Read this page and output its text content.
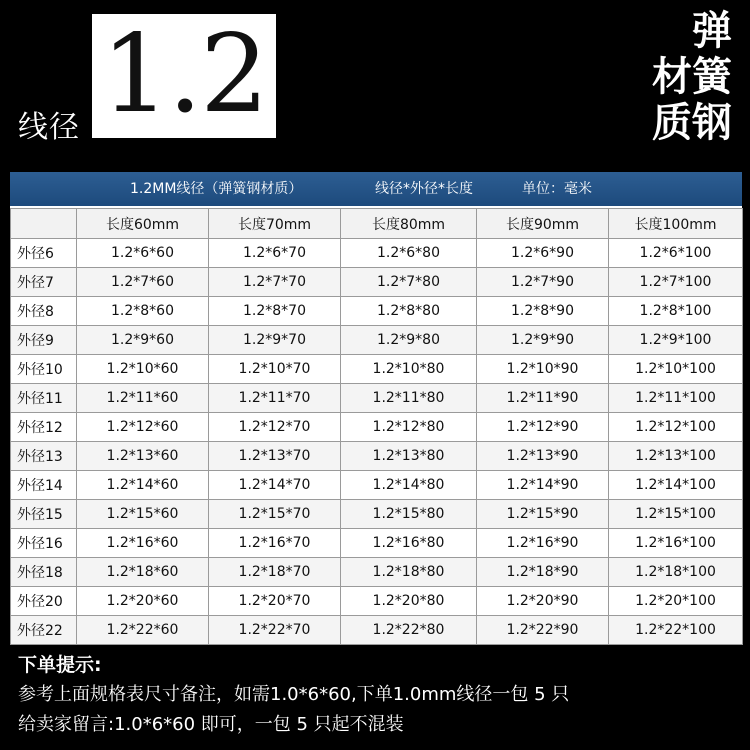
线径 1.2	弹
材簧
质钢
1.2MM线径（弹簧钢材质）	线径*外径*长度	单位：毫米
	长度60mm	长度70mm	长度80mm	长度90mm	长度100mm
外径6	1.2*6*60	1.2*6*70	1.2*6*80	1.2*6*90	1.2*6*100
外径7	1.2*7*60	1.2*7*70	1.2*7*80	1.2*7*90	1.2*7*100
外径8	1.2*8*60	1.2*8*70	1.2*8*80	1.2*8*90	1.2*8*100
外径9	1.2*9*60	1.2*9*70	1.2*9*80	1.2*9*90	1.2*9*100
外径10	1.2*10*60	1.2*10*70	1.2*10*80	1.2*10*90	1.2*10*100
外径11	1.2*11*60	1.2*11*70	1.2*11*80	1.2*11*90	1.2*11*100
外径12	1.2*12*60	1.2*12*70	1.2*12*80	1.2*12*90	1.2*12*100
外径13	1.2*13*60	1.2*13*70	1.2*13*80	1.2*13*90	1.2*13*100
外径14	1.2*14*60	1.2*14*70	1.2*14*80	1.2*14*90	1.2*14*100
外径15	1.2*15*60	1.2*15*70	1.2*15*80	1.2*15*90	1.2*15*100
外径16	1.2*16*60	1.2*16*70	1.2*16*80	1.2*16*90	1.2*16*100
外径18	1.2*18*60	1.2*18*70	1.2*18*80	1.2*18*90	1.2*18*100
外径20	1.2*20*60	1.2*20*70	1.2*20*80	1.2*20*90	1.2*20*100
外径22	1.2*22*60	1.2*22*70	1.2*22*80	1.2*22*90	1.2*22*100
下单提示:
参考上面规格表尺寸备注，如需1.0*6*60,下单1.0mm线径一包 5 只
给卖家留言:1.0*6*60 即可，一包 5 只起不混装
